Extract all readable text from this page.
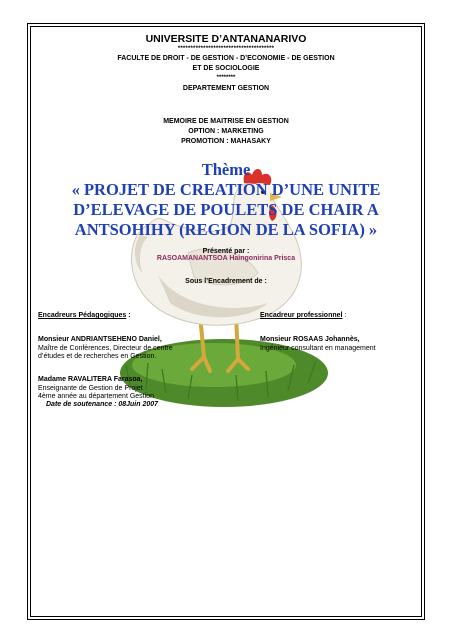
UNIVERSITE D’ANTANANARIVO
**************************************
FACULTE DE DROIT - DE GESTION - D’ECONOMIE - DE GESTION
ET DE SOCIOLOGIE
********
DEPARTEMENT GESTION
MEMOIRE DE MAITRISE EN GESTION
OPTION : MARKETING
PROMOTION : MAHASAKY
Thème
« PROJET DE CREATION D’UNE UNITE
D’ELEVAGE DE POULETS DE CHAIR A
ANTSOHIHY (REGION DE LA SOFIA) »
Présenté par :
RASOAMANANTSOA Haingonirina Prisca
Sous l’Encadrement de :
Encadreurs Pédagogiques :
Monsieur ANDRIANTSEHENO Daniel,
Maître de Conférences, Directeur de centre
d’études et de recherches en Gestion.
Madame RAVALITERA Farasoa,
Enseignante de Gestion de Projet
4ème année au département Gestion
Date de soutenance : 08Juin 2007
Encadreur professionnel :
Monsieur ROSAAS Johannès,
Ingénieur consultant en management
